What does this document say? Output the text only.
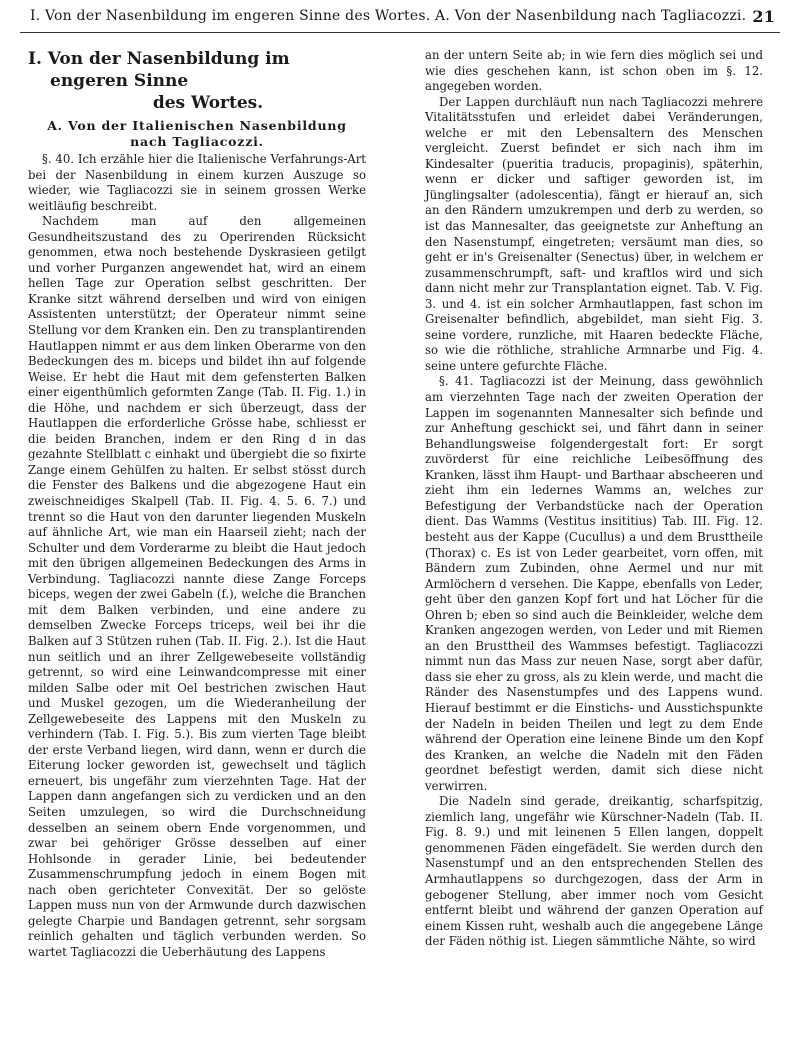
I. Von der Nasenbildung im engeren Sinne des Wortes. A. Von der Nasenbildung nach Tagliacozzi. 21
I. Von der Nasenbildung im engeren Sinne
des Wortes.
A. Von der Italienischen Nasenbildung
nach Tagliacozzi.

§. 40. Ich erzähle hier die Italienische Verfahrungs-Art bei der Nasenbildung in einem kurzen Auszuge so wieder, wie Tagliacozzi sie in seinem grossen Werke weitläufig beschreibt.

Nachdem man auf den allgemeinen Gesundheitszustand des zu Operirenden Rücksicht genommen, etwa noch bestehende Dyskrasieen getilgt und vorher Purganzen angewendet hat, wird an einem hellen Tage zur Operation selbst geschritten. Der Kranke sitzt während derselben und wird von einigen Assistenten unterstützt; der Operateur nimmt seine Stellung vor dem Kranken ein. Den zu transplantirenden Hautlappen nimmt er aus dem linken Oberarme von den Bedeckungen des m. biceps und bildet ihn auf folgende Weise. Er hebt die Haut mit dem gefensterten Balken einer eigenthümlich geformten Zange (Tab. II. Fig. 1.) in die Höhe, und nachdem er sich überzeugt, dass der Hautlappen die erforderliche Grösse habe, schliesst er die beiden Branchen, indem er den Ring d in das gezahnte Stellblatt c einhakt und übergiebt die so fixirte Zange einem Gehülfen zu halten. Er selbst stösst durch die Fenster des Balkens und die abgezogene Haut ein zweischneidiges Skalpell (Tab. II. Fig. 4. 5. 6. 7.) und trennt so die Haut von den darunter liegenden Muskeln auf ähnliche Art, wie man ein Haarseil zieht; nach der Schulter und dem Vorderarme zu bleibt die Haut jedoch mit den übrigen allgemeinen Bedeckungen des Arms in Verbindung. Tagliacozzi nannte diese Zange Forceps biceps, wegen der zwei Gabeln (f.), welche die Branchen mit dem Balken verbinden, und eine andere zu demselben Zwecke Forceps triceps, weil bei ihr die Balken auf 3 Stützen ruhen (Tab. II. Fig. 2.). Ist die Haut nun seitlich und an ihrer Zellgewebeseite vollständig getrennt, so wird eine Leinwandcompresse mit einer milden Salbe oder mit Oel bestrichen zwischen Haut und Muskel gezogen, um die Wiederanheilung der Zellgewebeseite des Lappens mit den Muskeln zu verhindern (Tab. I. Fig. 5.). Bis zum vierten Tage bleibt der erste Verband liegen, wird dann, wenn er durch die Eiterung locker geworden ist, gewechselt und täglich erneuert, bis ungefähr zum vierzehnten Tage. Hat der Lappen dann angefangen sich zu verdicken und an den Seiten umzulegen, so wird die Durchschneidung desselben an seinem obern Ende vorgenommen, und zwar bei gehöriger Grösse desselben auf einer Hohlsonde in gerader Linie, bei bedeutender Zusammenschrumpfung jedoch in einem Bogen mit nach oben gerichteter Convexität. Der so gelöste Lappen muss nun von der Armwunde durch dazwischen gelegte Charpie und Bandagen getrennt, sehr sorgsam reinlich gehalten und täglich verbunden werden. So wartet Tagliacozzi die Ueberhäutung des Lappens

an der untern Seite ab; in wie fern dies möglich sei und wie dies geschehen kann, ist schon oben im §. 12. angegeben worden.

Der Lappen durchläuft nun nach Tagliacozzi mehrere Vitalitätsstufen und erleidet dabei Veränderungen, welche er mit den Lebensaltern des Menschen vergleicht. Zuerst befindet er sich nach ihm im Kindesalter (pueritia traducis, propaginis), späterhin, wenn er dicker und saftiger geworden ist, im Jünglingsalter (adolescentia), fängt er hierauf an, sich an den Rändern umzukrempen und derb zu werden, so ist das Mannesalter, das geeignetste zur Anheftung an den Nasenstumpf, eingetreten; versäumt man dies, so geht er in's Greisenalter (Senectus) über, in welchem er zusammenschrumpft, saft- und kraftlos wird und sich dann nicht mehr zur Transplantation eignet. Tab. V. Fig. 3. und 4. ist ein solcher Armhautlappen, fast schon im Greisenalter befindlich, abgebildet, man sieht Fig. 3. seine vordere, runzliche, mit Haaren bedeckte Fläche, so wie die röthliche, strahliche Armnarbe und Fig. 4. seine untere gefurchte Fläche.

§. 41. Tagliacozzi ist der Meinung, dass gewöhnlich am vierzehnten Tage nach der zweiten Operation der Lappen im sogenannten Mannesalter sich befinde und zur Anheftung geschickt sei, und fährt dann in seiner Behandlungsweise folgendergestalt fort: Er sorgt zuvörderst für eine reichliche Leibesöffnung des Kranken, lässt ihm Haupt- und Barthaar abscheeren und zieht ihm ein ledernes Wamms an, welches zur Befestigung der Verbandstücke nach der Operation dient. Das Wamms (Vestitus insititius) Tab. III. Fig. 12. besteht aus der Kappe (Cucullus) a und dem Brusttheile (Thorax) c. Es ist von Leder gearbeitet, vorn offen, mit Bändern zum Zubinden, ohne Aermel und nur mit Armlöchern d versehen. Die Kappe, ebenfalls von Leder, geht über den ganzen Kopf fort und hat Löcher für die Ohren b; eben so sind auch die Beinkleider, welche dem Kranken angezogen werden, von Leder und mit Riemen an den Brusttheil des Wammses befestigt. Tagliacozzi nimmt nun das Mass zur neuen Nase, sorgt aber dafür, dass sie eher zu gross, als zu klein werde, und macht die Ränder des Nasenstumpfes und des Lappens wund. Hierauf bestimmt er die Einstichs- und Ausstichspunkte der Nadeln in beiden Theilen und legt zu dem Ende während der Operation eine leinene Binde um den Kopf des Kranken, an welche die Nadeln mit den Fäden geordnet befestigt werden, damit sich diese nicht verwirren.

Die Nadeln sind gerade, dreikantig, scharfspitzig, ziemlich lang, ungefähr wie Kürschner-Nadeln (Tab. II. Fig. 8. 9.) und mit leinenen 5 Ellen langen, doppelt genommenen Fäden eingefädelt. Sie werden durch den Nasenstumpf und an den entsprechenden Stellen des Armhautlappens so durchgezogen, dass der Arm in gebogener Stellung, aber immer noch vom Gesicht entfernt bleibt und während der ganzen Operation auf einem Kissen ruht, weshalb auch die angegebene Länge der Fäden nöthig ist. Liegen sämmtliche Nähte, so wird
